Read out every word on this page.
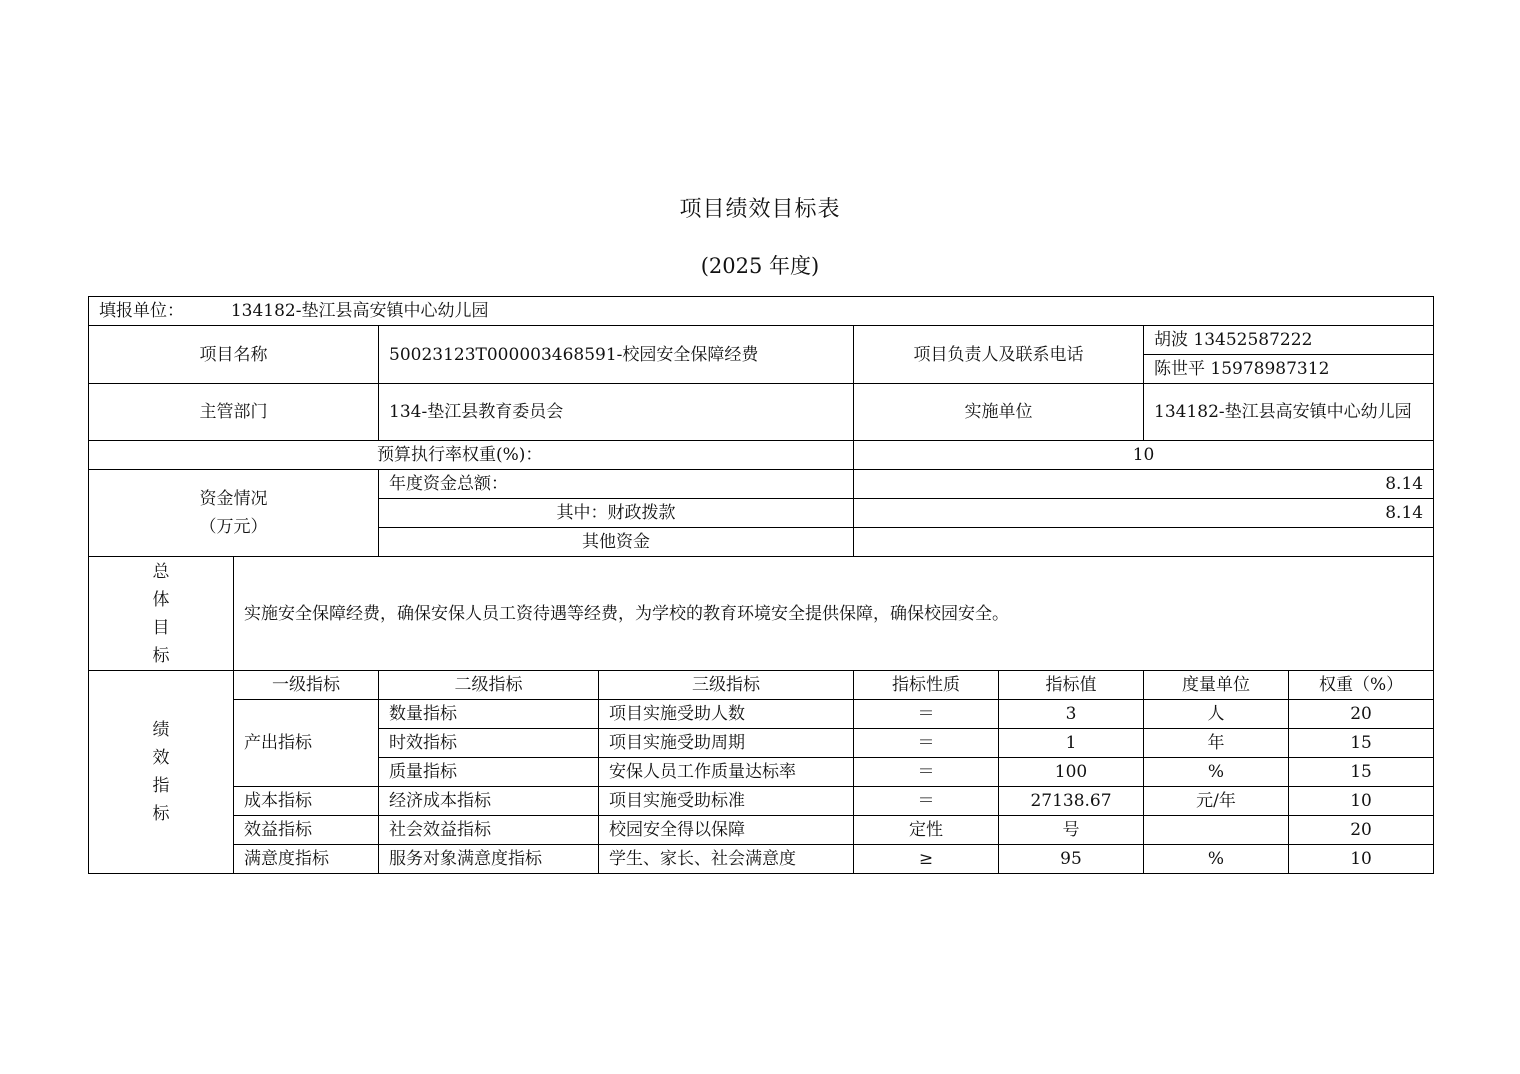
项目绩效目标表
(2025 年度)
填报单位： 134182-垫江县高安镇中心幼儿园							
项目名称		50023123T000003468591-校园安全保障经费		项目负责人及联系电话		胡波 13452587222	
						陈世平 15978987312	
主管部门		134-垫江县教育委员会		实施单位		134182-垫江县高安镇中心幼儿园	
预算执行率权重(%)：				10			

资金情况
（万元）		年度资金总额：		8.14			
		其中：财政拨款		8.14			
		其他资金					

总
体
目
标	实施安全保障经费，确保安保人员工资待遇等经费，为学校的教育环境安全提供保障，确保校园安全。						

绩
效
指
标	一级指标	二级指标	三级指标	指标性质	指标值	度量单位	权重（%）
	产出指标	数量指标	项目实施受助人数	＝	3	人	20
		时效指标	项目实施受助周期	＝	1	年	15
		质量指标	安保人员工作质量达标率	＝	100	%	15
	成本指标	经济成本指标	项目实施受助标准	＝	27138.67	元/年	10
	效益指标	社会效益指标	校园安全得以保障	定性	号		20
	满意度指标	服务对象满意度指标	学生、家长、社会满意度	≥	95	%	10
